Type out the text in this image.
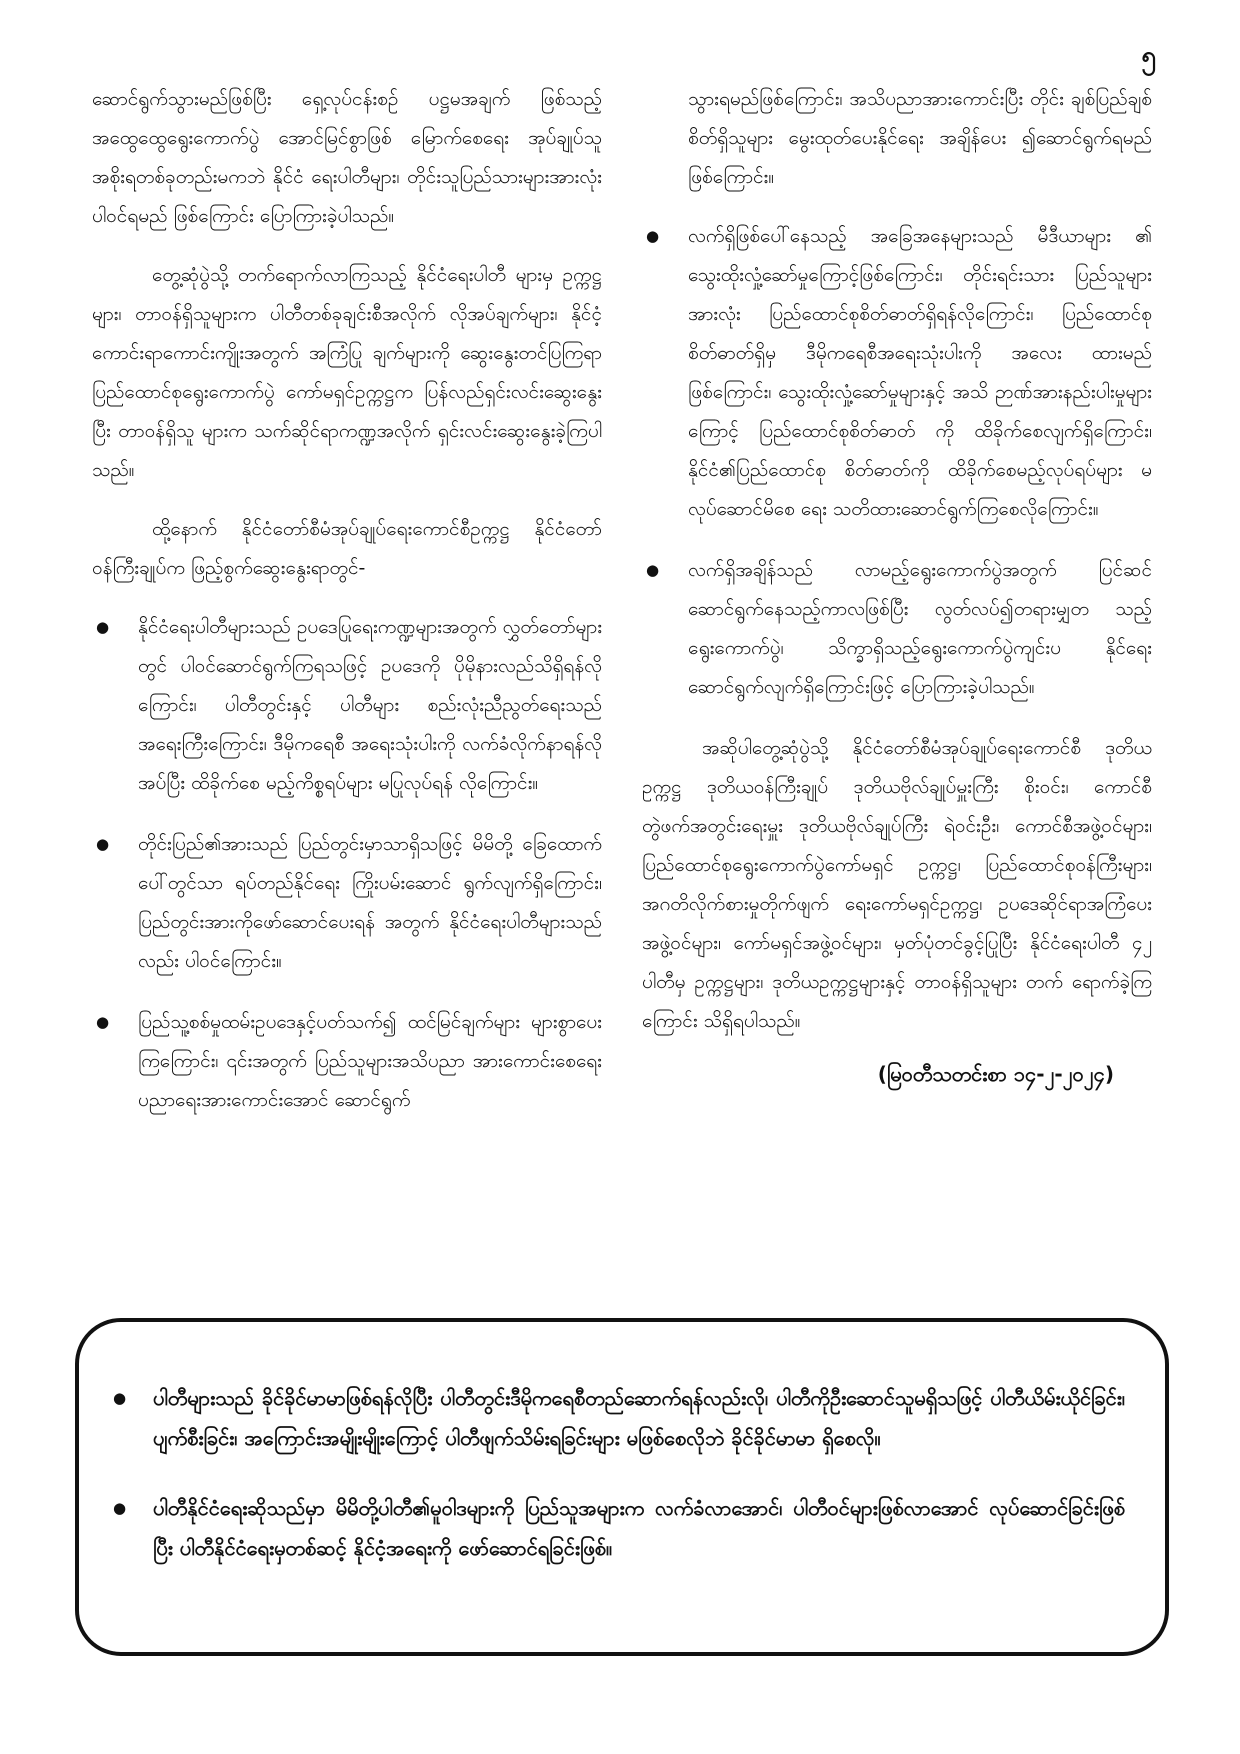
၅

ဆောင်ရွက်သွားမည်ဖြစ်ပြီး ရှေ့လုပ်ငန်းစဉ် ပဋ္ဌမအချက် ဖြစ်သည့် အထွေထွေရွေးကောက်ပွဲ အောင်မြင်စွာဖြစ် မြောက်စေရေး အုပ်ချုပ်သူအစိုးရတစ်ခုတည်းမကဘဲ နိုင်ငံ ရေးပါတီများ၊ တိုင်းသူပြည်သားများအားလုံးပါဝင်ရမည် ဖြစ်ကြောင်း ပြောကြားခဲ့ပါသည်။

တွေ့ဆုံပွဲသို့ တက်ရောက်လာကြသည့် နိုင်ငံရေးပါတီ များမှ ဥက္ကဋ္ဌများ၊ တာဝန်ရှိသူများက ပါတီတစ်ခုချင်းစီအလိုက် လိုအပ်ချက်များ၊ နိုင်ငံ့ကောင်းရာကောင်းကျိုးအတွက် အကြံပြု ချက်များကို ဆွေးနွေးတင်ပြကြရာ ပြည်ထောင်စုရွေးကောက်ပွဲ ကော်မရှင်ဥက္ကဋ္ဌက ပြန်လည်ရှင်းလင်းဆွေးနွေးပြီး တာဝန်ရှိသူ များက သက်ဆိုင်ရာကဏ္ဍအလိုက် ရှင်းလင်းဆွေးနွေးခဲ့ကြပါ သည်။

ထို့နောက် နိုင်ငံတော်စီမံအုပ်ချုပ်ရေးကောင်စီဥက္ကဋ္ဌ နိုင်ငံတော်ဝန်ကြီးချုပ်က ဖြည့်စွက်ဆွေးနွေးရာတွင်-

● နိုင်ငံရေးပါတီများသည် ဥပဒေပြုရေးကဏ္ဍများအတွက် လွှတ်တော်များတွင် ပါဝင်ဆောင်ရွက်ကြရသဖြင့် ဥပဒေကို ပိုမိုနားလည်သိရှိရန်လိုကြောင်း၊ ပါတီတွင်းနှင့် ပါတီများ စည်းလုံးညီညွတ်ရေးသည် အရေးကြီးကြောင်း၊ ဒီမိုကရေစီ အရေးသုံးပါးကို လက်ခံလိုက်နာရန်လိုအပ်ပြီး ထိခိုက်စေ မည့်ကိစ္စရပ်များ မပြုလုပ်ရန် လိုကြောင်း။
● တိုင်းပြည်၏အားသည် ပြည်တွင်းမှာသာရှိသဖြင့် မိမိတို့ ခြေထောက်ပေါ်တွင်သာ ရပ်တည်နိုင်ရေး ကြိုးပမ်းဆောင် ရွက်လျက်ရှိကြောင်း၊ ပြည်တွင်းအားကိုဖော်ဆောင်ပေးရန် အတွက် နိုင်ငံရေးပါတီများသည်လည်း ပါဝင်ကြောင်း။
● ပြည်သူ့စစ်မှုထမ်းဥပဒေနှင့်ပတ်သက်၍ ထင်မြင်ချက်များ များစွာပေးကြကြောင်း၊ ၎င်းအတွက် ပြည်သူများအသိပညာ အားကောင်းစေရေး ပညာရေးအားကောင်းအောင် ဆောင်ရွက်

သွားရမည်ဖြစ်ကြောင်း၊ အသိပညာအားကောင်းပြီး တိုင်း ချစ်ပြည်ချစ်စိတ်ရှိသူများ မွေးထုတ်ပေးနိုင်ရေး အချိန်ပေး ၍ဆောင်ရွက်ရမည်ဖြစ်ကြောင်း။

● လက်ရှိဖြစ်ပေါ်နေသည့် အခြေအနေများသည် မီဒီယာများ ၏ သွေးထိုးလှုံ့ဆော်မှုကြောင့်ဖြစ်ကြောင်း၊ တိုင်းရင်းသား ပြည်သူများအားလုံး ပြည်ထောင်စုစိတ်ဓာတ်ရှိရန်လိုကြောင်း၊ ပြည်ထောင်စုစိတ်ဓာတ်ရှိမှ ဒီမိုကရေစီအရေးသုံးပါးကို အလေး ထားမည်ဖြစ်ကြောင်း၊ သွေးထိုးလှုံ့ဆော်မှုများနှင့် အသိ ဉာဏ်အားနည်းပါးမှုများကြောင့် ပြည်ထောင်စုစိတ်ဓာတ် ကို ထိခိုက်စေလျက်ရှိကြောင်း၊ နိုင်ငံ၏ပြည်ထောင်စု စိတ်ဓာတ်ကို ထိခိုက်စေမည့်လုပ်ရပ်များ မလုပ်ဆောင်မိစေ ရေး သတိထားဆောင်ရွက်ကြစေလိုကြောင်း။
● လက်ရှိအချိန်သည် လာမည့်ရွေးကောက်ပွဲအတွက် ပြင်ဆင် ဆောင်ရွက်နေသည့်ကာလဖြစ်ပြီး လွတ်လပ်၍တရားမျှတ သည့်ရွေးကောက်ပွဲ၊ သိက္ခာရှိသည့်ရွေးကောက်ပွဲကျင်းပ နိုင်ရေး ဆောင်ရွက်လျက်ရှိကြောင်းဖြင့် ပြောကြားခဲ့ပါသည်။

အဆိုပါတွေ့ဆုံပွဲသို့ နိုင်ငံတော်စီမံအုပ်ချုပ်ရေးကောင်စီ ဒုတိယဥက္ကဋ္ဌ ဒုတိယဝန်ကြီးချုပ် ဒုတိယဗိုလ်ချုပ်မှူးကြီး စိုးဝင်း၊ ကောင်စီတွဲဖက်အတွင်းရေးမှူး ဒုတိယဗိုလ်ချုပ်ကြီး ရဲဝင်းဦး၊ ကောင်စီအဖွဲ့ဝင်များ၊ ပြည်ထောင်စုရွေးကောက်ပွဲကော်မရှင် ဥက္ကဋ္ဌ၊ ပြည်ထောင်စုဝန်ကြီးများ၊ အဂတိလိုက်စားမှုတိုက်ဖျက် ရေးကော်မရှင်ဥက္ကဋ္ဌ၊ ဥပဒေဆိုင်ရာအကြံပေးအဖွဲ့ဝင်များ၊ ကော်မရှင်အဖွဲ့ဝင်များ၊ မှတ်ပုံတင်ခွင့်ပြုပြီး နိုင်ငံရေးပါတီ ၄၂ ပါတီမှ ဥက္ကဋ္ဌများ၊ ဒုတိယဥက္ကဋ္ဌများနှင့် တာဝန်ရှိသူများ တက် ရောက်ခဲ့ကြကြောင်း သိရှိရပါသည်။

(မြဝတီသတင်းစာ ၁၄-၂-၂၀၂၄)
● ပါတီများသည် ခိုင်ခိုင်မာမာဖြစ်ရန်လိုပြီး ပါတီတွင်းဒီမိုကရေစီတည်ဆောက်ရန်လည်းလို၊ ပါတီကိုဦးဆောင်သူမရှိသဖြင့် ပါတီယိမ်းယိုင်ခြင်း၊ ပျက်စီးခြင်း၊ အကြောင်းအမျိုးမျိုးကြောင့် ပါတီဖျက်သိမ်းရခြင်းများ မဖြစ်စေလိုဘဲ ခိုင်ခိုင်မာမာ ရှိစေလို။
● ပါတီနိုင်ငံရေးဆိုသည်မှာ မိမိတို့ပါတီ၏မူဝါဒများကို ပြည်သူအများက လက်ခံလာအောင်၊ ပါတီဝင်များဖြစ်လာအောင် လုပ်ဆောင်ခြင်းဖြစ်ပြီး ပါတီနိုင်ငံရေးမှတစ်ဆင့် နိုင်ငံ့အရေးကို ဖော်ဆောင်ရခြင်းဖြစ်။
